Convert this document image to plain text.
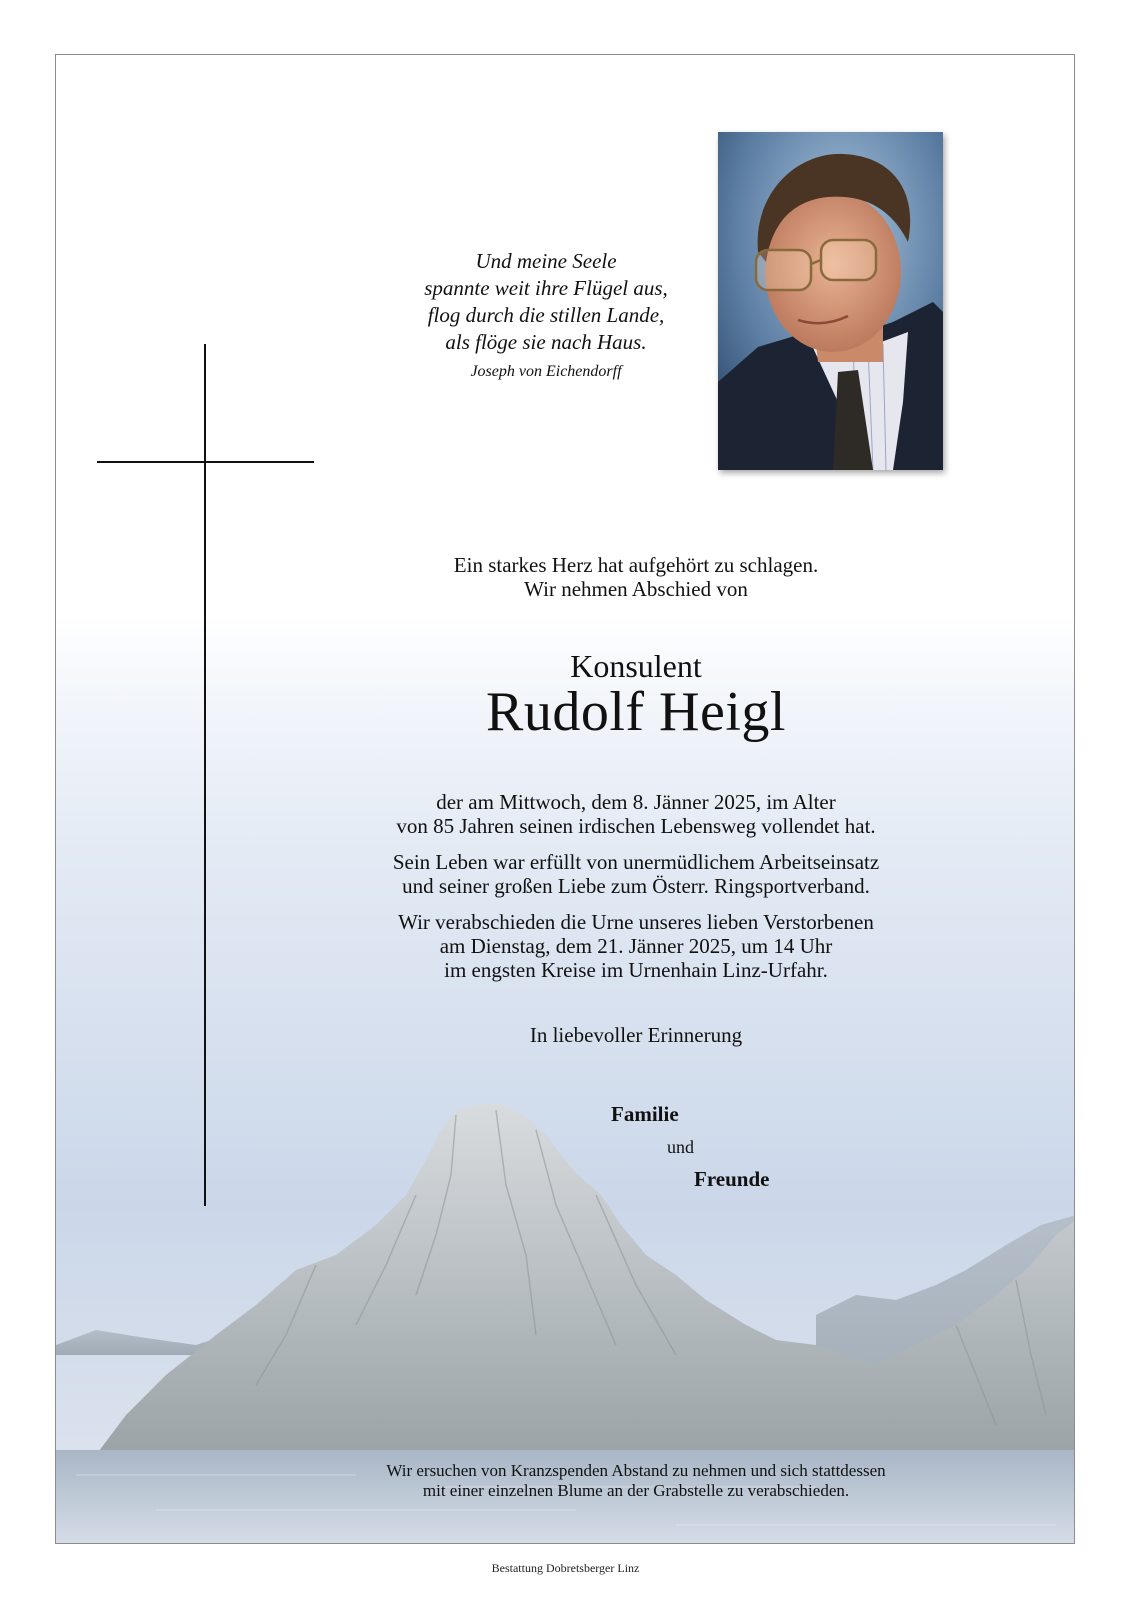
Und meine Seele
spannte weit ihre Flügel aus,
flog durch die stillen Lande,
als flöge sie nach Haus.
Joseph von Eichendorff
Ein starkes Herz hat aufgehört zu schlagen.
Wir nehmen Abschied von
Konsulent
Rudolf Heigl
der am Mittwoch, dem 8. Jänner 2025, im Alter
von 85 Jahren seinen irdischen Lebensweg vollendet hat.
Sein Leben war erfüllt von unermüdlichem Arbeitseinsatz
und seiner großen Liebe zum Österr. Ringsportverband.
Wir verabschieden die Urne unseres lieben Verstorbenen
am Dienstag, dem 21. Jänner 2025, um 14 Uhr
im engsten Kreise im Urnenhain Linz-Urfahr.
In liebevoller Erinnerung
Familie
und
Freunde
Wir ersuchen von Kranzspenden Abstand zu nehmen und sich stattdessen
mit einer einzelnen Blume an der Grabstelle zu verabschieden.
Bestattung Dobretsberger Linz
